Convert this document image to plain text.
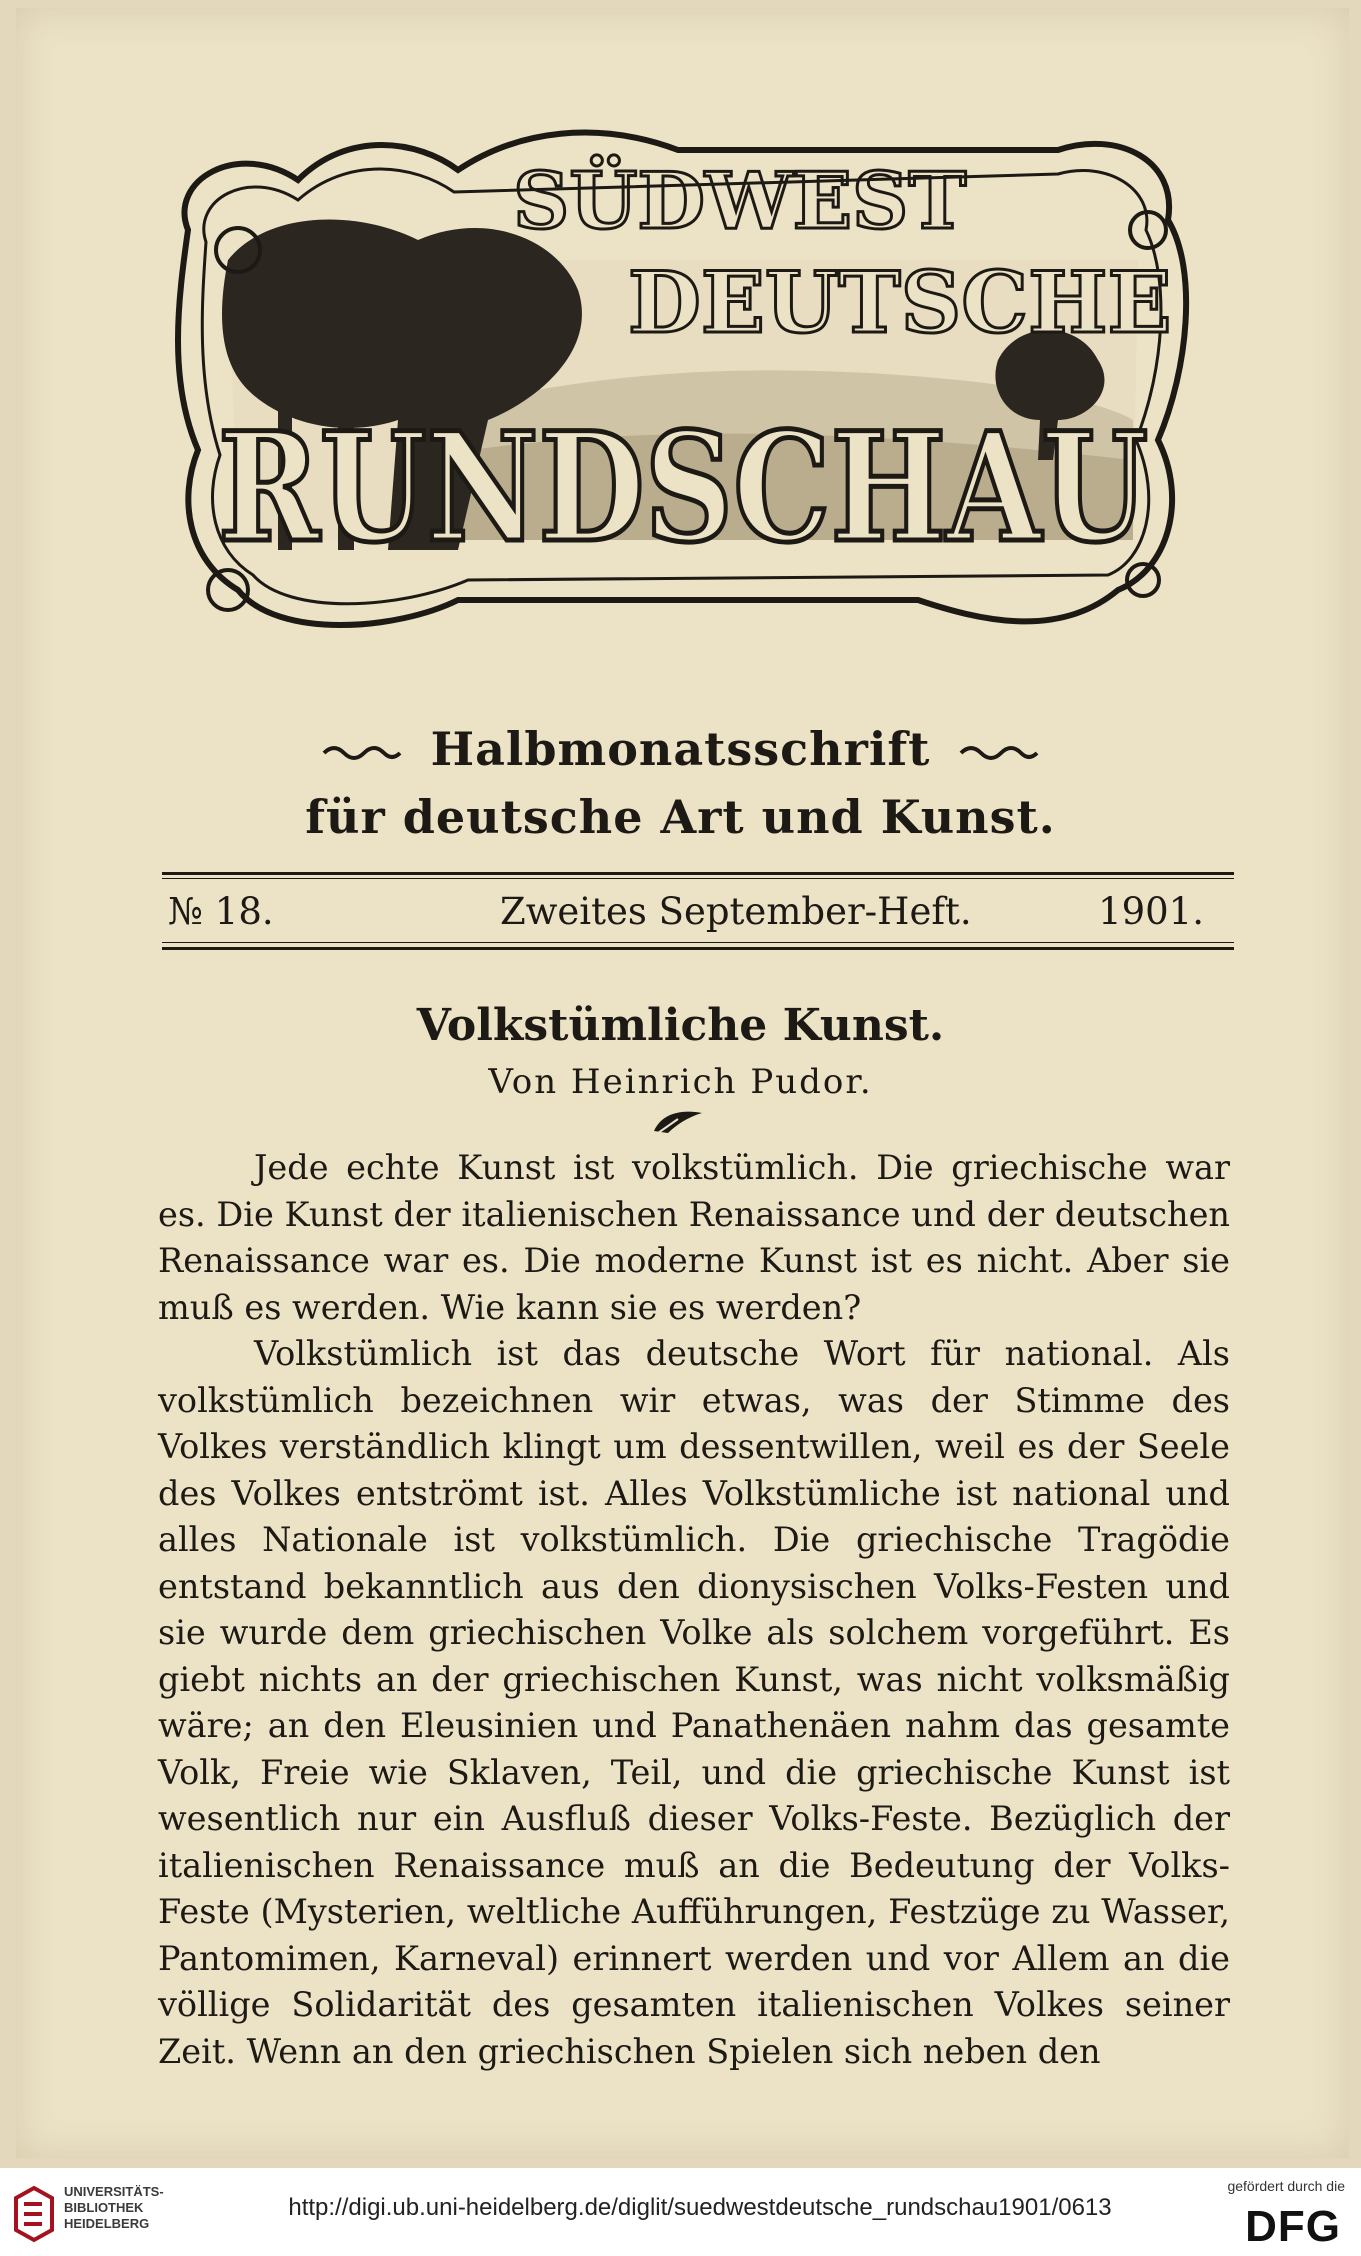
SÜDWEST
DEUTSCHE
RUNDSCHAU
Halbmonatsschrift
für deutsche Art und Kunst.
№ 18.	Zweites September-Heft.	1901.
Volkstümliche Kunst.
Von Heinrich Pudor.

Jede echte Kunst ist volkstümlich. Die griechische war es. Die Kunst der italienischen Renaissance und der deutschen Renaissance war es. Die moderne Kunst ist es nicht. Aber sie muß es werden. Wie kann sie es werden?

Volkstümlich ist das deutsche Wort für national. Als volkstümlich bezeichnen wir etwas, was der Stimme des Volkes verständlich klingt um dessentwillen, weil es der Seele des Volkes entströmt ist. Alles Volkstümliche ist national und alles Nationale ist volkstümlich. Die griechische Tragödie entstand bekanntlich aus den dionysischen Volks-Festen und sie wurde dem griechischen Volke als solchem vorgeführt. Es giebt nichts an der griechischen Kunst, was nicht volksmäßig wäre; an den Eleusinien und Panathenäen nahm das gesamte Volk, Freie wie Sklaven, Teil, und die griechische Kunst ist wesentlich nur ein Ausfluß dieser Volks-Feste. Bezüglich der italienischen Renaissance muß an die Bedeutung der Volks-Feste (Mysterien, weltliche Aufführungen, Festzüge zu Wasser, Pantomimen, Karneval) erinnert werden und vor Allem an die völlige Solidarität des gesamten italienischen Volkes seiner Zeit. Wenn an den griechischen Spielen sich neben den

UNIVERSITÄTS-
BIBLIOTHEK
HEIDELBERG
http://digi.ub.uni-heidelberg.de/diglit/suedwestdeutsche_rundschau1901/0613
gefördert durch die
DFG
